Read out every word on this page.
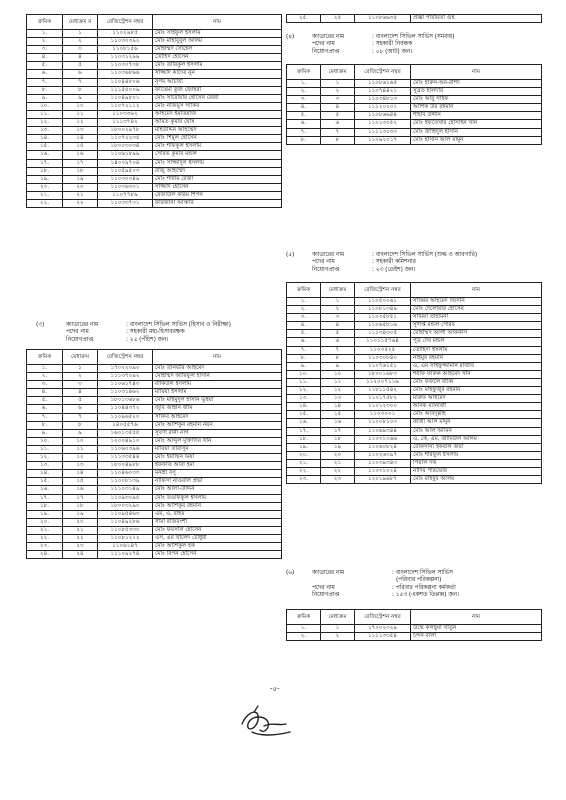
ক্রমিক	মেধাক্রম ম	রেজিস্ট্রেশন নম্বর	নাম
১.	১	১১০২৯৮৫	মোঃ সাইফুল ইসলাম
২.	২	১১০৩০৩৯২	মোঃ মাহাবুবুল আলম
৩.	৩	১১০৮১৫৬	মোহাম্মদ সোহেল
৪.	৪	১১০৩১২৯৯	তৌহিদ হোসেন
৫.	৫	১১০৩০৭৩৮	মোঃ তারিকুল ইসলাম
৬.	৬	১১০৩৬৮৬৬	সাজ্জাদ কাদের নুন
৭.	৭	১১০৪৪৮০৬	নৃপম আচার্য্য
৮.	৮	১১১৫৫০০৯	ফাতেমা তুজ জোহরা
৯.	৯	১১০৪৯৮০১	মোঃ সারোয়ার হোসেন রেজা
১০.	১০	১১০৭২১১২	মোঃ নাজমুস সাকিব
১১.	১১	১১০৩৩৬২	আহমেদ ইমতিয়াজ
১২.	১২	১১১৩৭৪২	অমিত কুমার ঘোষ
১৩.	১৩	১৮০০২৯৭৮	মহিউদ্দিন আহম্মেদ
১৪.	১৪	১১০৭২২৩৫	মোঃ শিমুল হোসেন
১৫.	১৫	১৮০০৩০৩৪	মোঃ শফিকুল ইসলাম
১৬.	১৬	১১০৬১৮৯৯	সৌরভ কুমার মন্ডল
১৭.	১৭	১৪০০৯৭০৪	মোঃ সাজ্জাদুল ইসলাম
১৮.	১৮	১১০৫৯৫০৩	রাজু আহম্মেদ
১৯.	১৯	১১০৩০৩৪৯	মোঃ শামীম রেজা
২০.	২০	১১০৩৬৩০১	সাজ্জাদ হোসেন
২১.	২১	১১০৭৭৮৯	রেজাউল করিম শিপন
২২.	২২	১১০৩৩৭৩১	ফারজানা আক্তার
(৩)	ক্যাডারের নাম	: বাংলাদেশ সিভিল সার্ভিস (হিসাব ও নিরীক্ষা)
পদের নাম	: সহকারী মহা-হিসাবরক্ষক
নিয়োগপ্রাপ্ত	: ২৫ (পঁচিশ) জন।
ক্রমিক	মেধাক্রম	রেজিস্ট্রেশন নম্বর	নাম
১.	১	১৭০২২০৯০	মোঃ তানভীর আহমেদ
২.	২	১১১৩৭০৯২	মোহাম্মদ আরিফুল হাসান
৩.	৩	১১০৬১৭৪৩	রাকিউল ইসলাম
৪.	৪	১১০৩১৪৬২	মারিয়া ইসলাম
৫.	৫	১৮০১৩৬৮৬	মোঃ মাহমুদুল হাসান ভূঁইয়া
৬.	৬	১১০৪৪৩৭২	জুবি জাহান জীম
৭.	৭	১১০৯৬৫২০	সাকিব আহমেদ
৮.	৮	১৪০৫৫৭৬	মোঃ আশিকুর রহমান নয়ন
৯.	৯	১৬০১৩৫৫৫	সুবর্ণা রানী নাগ
১০.	১০	১২০০৪৯১০	মোঃ আব্দুল মুক্তাদির খান
১১.	১১	১১০৬০৩৯৬	মাবিয়া তাবাসুম
১২.	১২	১১১৩৩৫৪৪	মোঃ ইয়াছিন মিয়া
১৩.	১৩	১৮০০৪৯৮৮	ইফফাত আরা ইমা
১৪.	১৪	১১০৪৬০৩৩	মনশ্রী বসু
১৫.	১৫	১১০০৮১৩৯	নাফিসা নাওয়াল প্রভা
১৬.	১৬	১১১০৩১৪৯	মোঃ আলা-উদ্দিন
১৭.	১৭	১১০৯৩০৯৫	মোঃ তওফিকুল ইসলাম
১৮.	১৮	১৮০০৩২৯০	মোঃ আশিকুর রহমান
১৯.	১৯	১১০৯৫৪৬৩	এম, এ, রহিম
২০.	২০	১১০৪৯২৮৬	সীমা রাজবংশী
২১.	২১	১১০৮৫৩৩০	মোঃ ফয়সাল হোসেন
২২.	২২	১১০৮১২১২	এস, এম খালেদ চৌধুরী
২৩.	২৩	১১০৬১৪৭	মোঃ আশিকুল হক
২৪.	২৪	১১১০৯২৭৪	মোঃ রিপন হোসেন
২৫.	২৫	১১০৮৬৬৩৫	প্রজ্ঞা পারমিতা গুহ
(৪)	ক্যাডারের নাম	: বাংলাদেশ সিভিল সার্ভিস (সমবায়)
পদের নাম	: সহকারী নিবন্ধক
নিয়োগপ্রাপ্ত	: ০৮ (আট) জন।
ক্রমিক	মেধাক্রম	রেজিস্ট্রেশন নম্বর	নাম
১.	১	১১০৮৬১৬৫	মোঃ হারুন-অর-রশিদ
২.	২	১১০৭৪৪২১	সুব্রত হালদার
৩.	৩	১১০৩৪৮১৩	মোঃ আবু সাইফ
৪.	৪	১১১২০২০১	আশিক উর রহমান
৫.	৫	১১০৮৬৬৪৪	শাহাব উদ্দীন
৬.	৬	১১০১৩০৫২	মোঃ ইফতেখার হোসাইন খান
৭.	৭	১১১১৩০৩৩	মোঃ জাহিদুল হাসান
৮.	৮	১১০৯২০১৭	মোঃ হাসান আল মামুন
(৫)	ক্যাডারের নাম	: বাংলাদেশ সিভিল সার্ভিস (শুল্ক ও আবগারি)
পদের নাম	: সহকারী কমিশনার
নিয়োগপ্রাপ্ত	: ২৩ (তেইশ) জন।
ক্রমিক	মেধাক্রম	রেজিস্ট্রেশন নম্বর	নাম
১.	১	১১০৫০০৬১	সাব্বির আহমেদ জিসান
২.	২	১১০৮১৩৪৯	মোঃ দেলোয়ার হোসেন
৩.	৩	১১০৩৫৮৫১	সামিয়া তাহমিনা
৪.	৪	১১০৬৫৮১৬	সুদীপ্ত মন্ডল গৌরব
৫.	৫	১১১৩৪৩০৫	মোহাম্মদ আলী আককাস
৬.	৬	১১০১১৫৭৬৪	পুত্র দেব মন্ডল
৭.	৭	১১০৩৫২৫	তৌহিদা ইসলাম
৮.	৮	১১০৩০৮৪০	নাইমুর রহমান
৯.	৯	১১০৭৬১৫১	এ, এম সাইফুজ্জামান রাজীব
১০.	১০	১৮০০১৬৮৩	শরীফ ফারুক আহমেদ খান
১১.	১১	১১২০০৭১১৬	মোঃ ফজলে রাব্বি
১২.	১২	১১৮১১৫৪২	মোঃ মাহফুজুর রহমান
১৩.	১৩	১১০১৭৫৮২	মারুফ আহমেদ
১৪.	১৪	১১০১২৩০০	অনিক ব্যানার্জী
১৫.	১৫	১১০৩০০১	মোঃ আবদুল্লাহ
১৬.	১৬	১১০০৮১০৩	কাজী আল মামুন
১৭.	১৭	১১০৬৯৩৪৪	মোঃ আল আমিন
১৮.	১৮	১১০৩১০৬৬	এ, কে, এম, জামিউল আলম
১৯.	১৯	১১০৬০৮২৪	রোকসানা ইকবাল জয়া
২০.	২০	১১০২৬০৯৭	মোঃ শরিফুল ইসলাম
২১.	২১	১১০৩৯৩৪৩	পিয়াল দত্ত
২২.	২২	১১০৩১০২৪	নাদিম পারভেজ
২৩.	২৩	১২০১৯৬৮৭	মোঃ মাহবুব আলম
(৬)	ক্যাডারের নাম	: বাংলাদেশ সিভিল সার্ভিস
(পরিবার পরিকল্পনা)
পদের নাম	: পরিবার পরিকল্পনা কর্মকর্তা
নিয়োগপ্রাপ্ত	: ১৫৩ (একশত তিপ্পান্ন) জন।
ক্রমিক	মেধাক্রম	রেজিস্ট্রেশন নম্বর	নাম
১.	১	১৭০০২৩২৯	উম্মে কলছুমা খাতুন
২.	২	১১১১৩৩৫৪	চন্দন বালা
-৫-
